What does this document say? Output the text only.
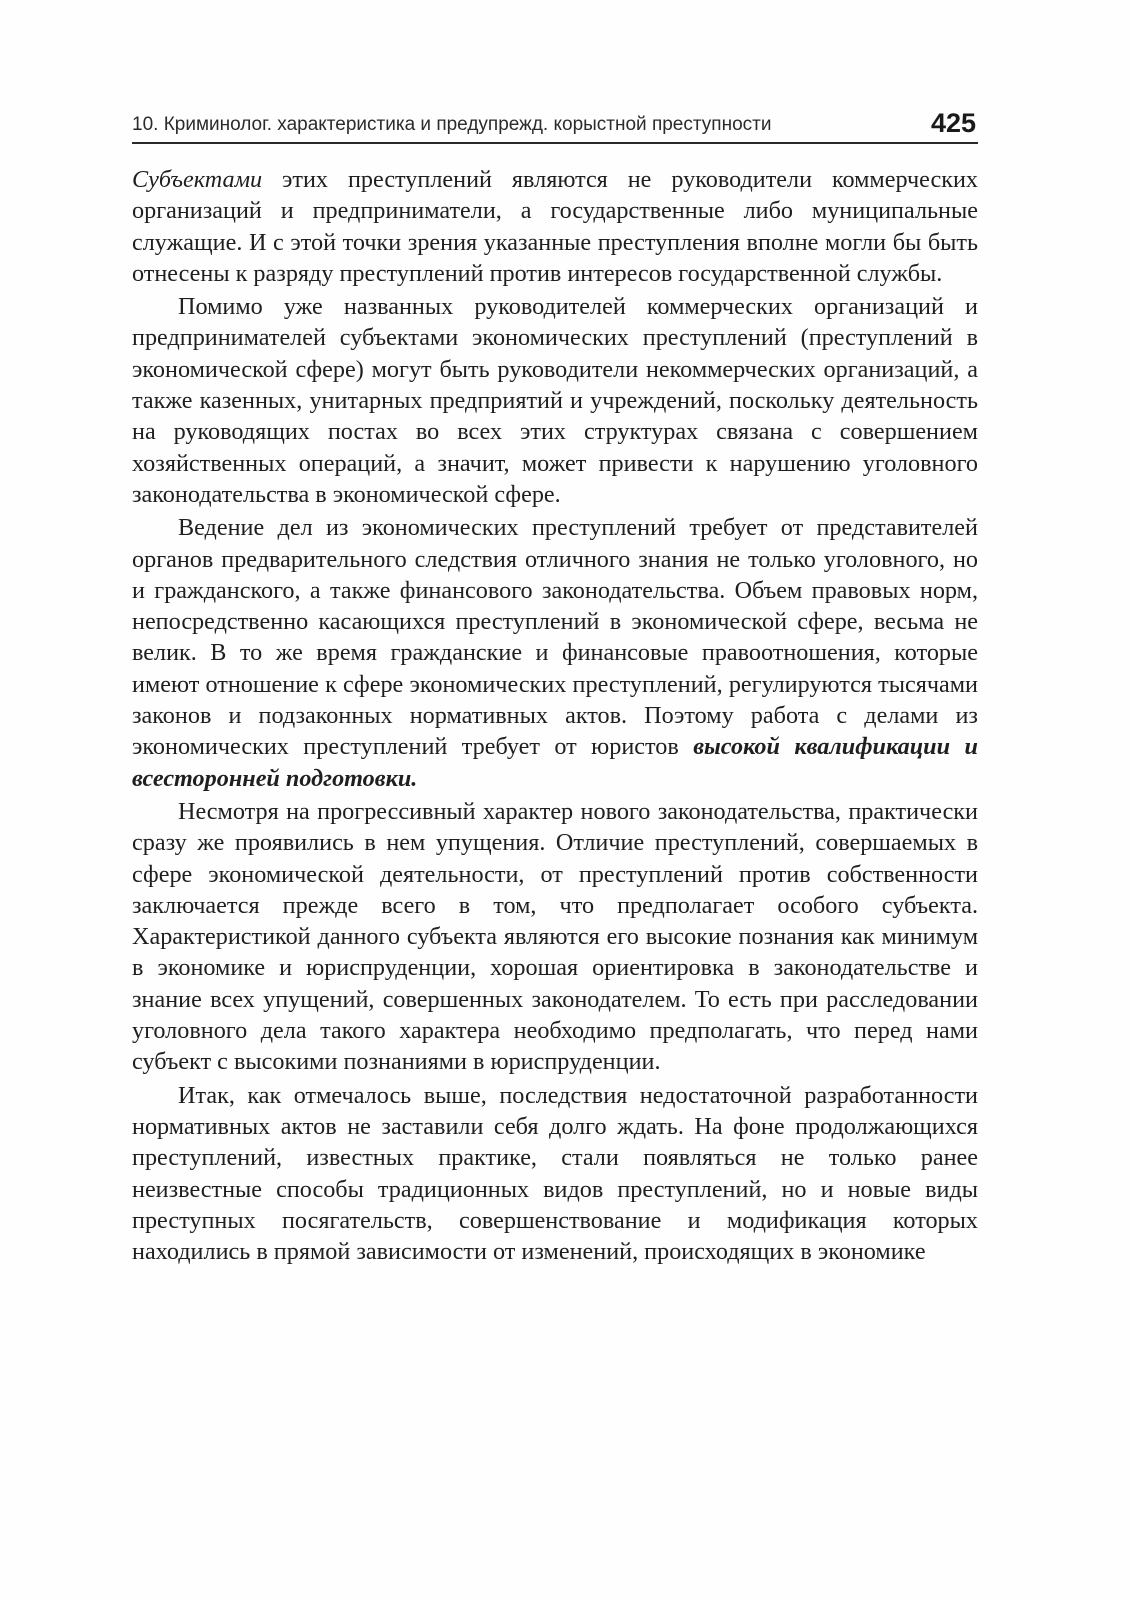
10. Криминолог. характеристика и предупрежд. корыстной преступности	425

Субъектами этих преступлений являются не руководители коммерческих организаций и предприниматели, а государственные либо муниципальные служащие. И с этой точки зрения указанные преступления вполне могли бы быть отнесены к разряду преступлений против интересов государственной службы.

Помимо уже названных руководителей коммерческих организаций и предпринимателей субъектами экономических преступлений (преступлений в экономической сфере) могут быть руководители некоммерческих организаций, а также казенных, унитарных предприятий и учреждений, поскольку деятельность на руководящих постах во всех этих структурах связана с совершением хозяйственных операций, а значит, может привести к нарушению уголовного законодательства в экономической сфере.

Ведение дел из экономических преступлений требует от представителей органов предварительного следствия отличного знания не только уголовного, но и гражданского, а также финансового законодательства. Объем правовых норм, непосредственно касающихся преступлений в экономической сфере, весьма не велик. В то же время гражданские и финансовые правоотношения, которые имеют отношение к сфере экономических преступлений, регулируются тысячами законов и подзаконных нормативных актов. Поэтому работа с делами из экономических преступлений требует от юристов высокой квалификации и всесторонней подготовки.

Несмотря на прогрессивный характер нового законодательства, практически сразу же проявились в нем упущения. Отличие преступлений, совершаемых в сфере экономической деятельности, от преступлений против собственности заключается прежде всего в том, что предполагает особого субъекта. Характеристикой данного субъекта являются его высокие познания как минимум в экономике и юриспруденции, хорошая ориентировка в законодательстве и знание всех упущений, совершенных законодателем. То есть при расследовании уголовного дела такого характера необходимо предполагать, что перед нами субъект с высокими познаниями в юриспруденции.

Итак, как отмечалось выше, последствия недостаточной разработанности нормативных актов не заставили себя долго ждать. На фоне продолжающихся преступлений, известных практике, стали появляться не только ранее неизвестные способы традиционных видов преступлений, но и новые виды преступных посягательств, совершенствование и модификация которых находились в прямой зависимости от изменений, происходящих в экономике
